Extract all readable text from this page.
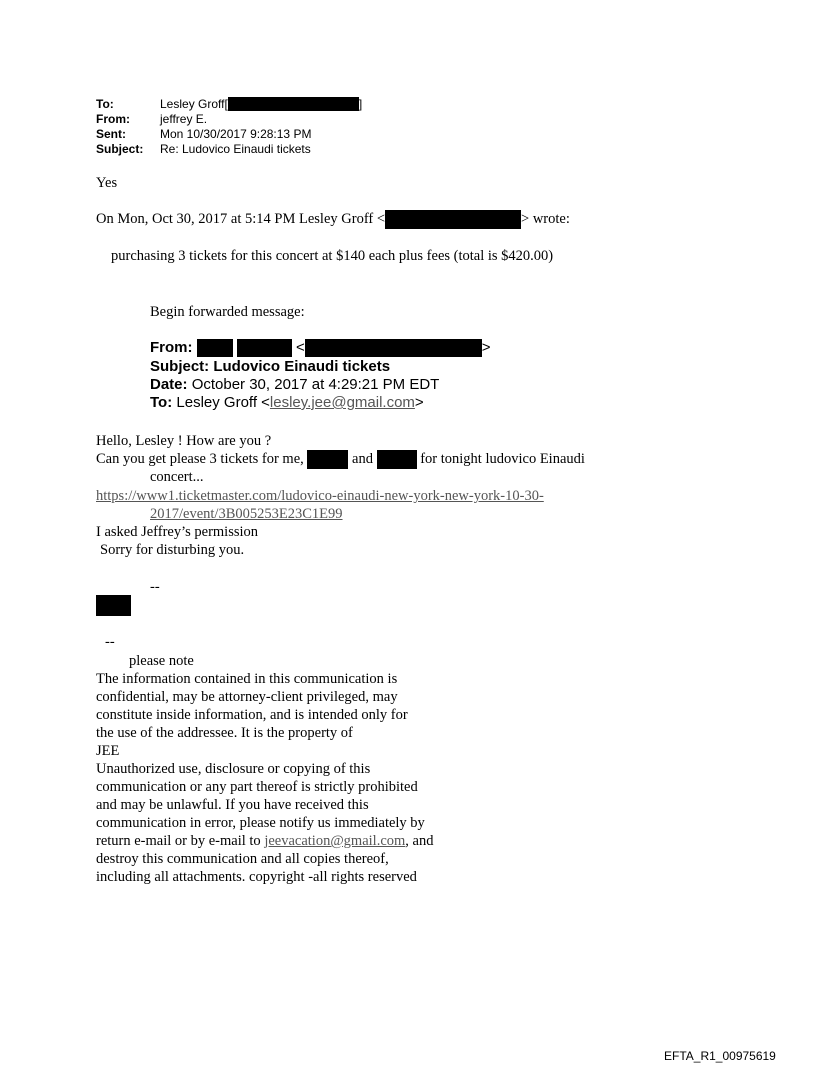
To:	Lesley Groff[	]
From:	jeffrey E.
Sent:	Mon 10/30/2017 9:28:13 PM
Subject: Re: Ludovico Einaudi tickets
Yes
On Mon, Oct 30, 2017 at 5:14 PM Lesley Groff <	> wrote:
purchasing 3 tickets for this concert at $140 each plus fees (total is $420.00)
Begin forwarded message:
From:	<	>
Subject: Ludovico Einaudi tickets
Date: October 30, 2017 at 4:29:21 PM EDT
To: Lesley Groff <lesley.jee@gmail.com>
Hello, Lesley ! How are you ?
Can you get please 3 tickets for me,	and	for tonight ludovico Einaudi
concert...
https://www1.ticketmaster.com/ludovico-einaudi-new-york-new-york-10-30-
2017/event/3B005253E23C1E99
I asked Jeffrey’s permission
Sorry for disturbing you.
--
--
please note
The information contained in this communication is
confidential, may be attorney-client privileged, may
constitute inside information, and is intended only for
the use of the addressee. It is the property of
JEE
Unauthorized use, disclosure or copying of this
communication or any part thereof is strictly prohibited
and may be unlawful. If you have received this
communication in error, please notify us immediately by
return e-mail or by e-mail to jeevacation@gmail.com, and
destroy this communication and all copies thereof,
including all attachments. copyright -all rights reserved
EFTA_R1_00975619
